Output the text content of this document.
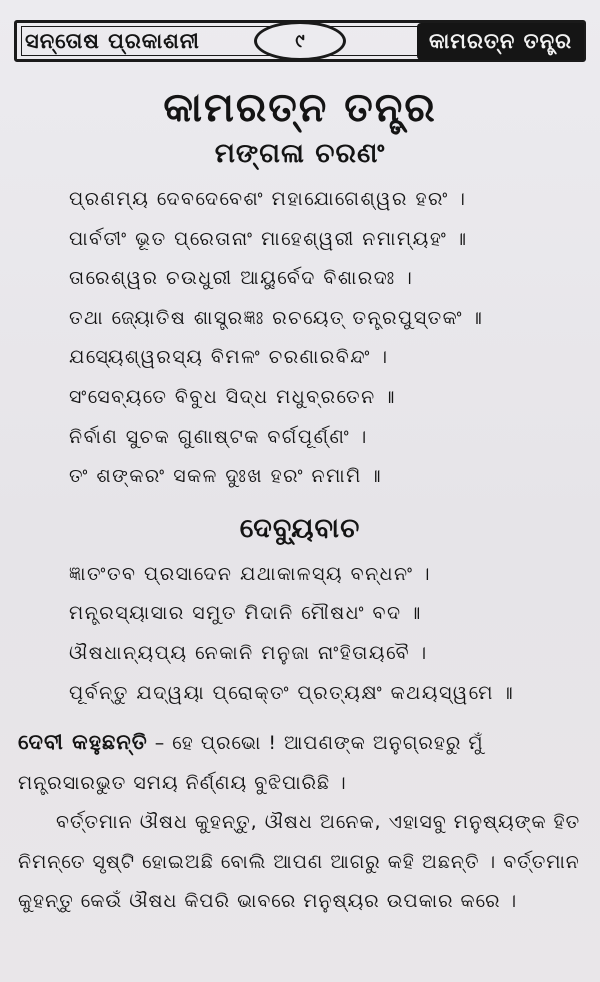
ସନ୍ତୋଷ ପ୍ରକାଶନୀ	୯	କାମରତ୍ନ ତନ୍ତ୍ର
କାମରତ୍ନ ତନ୍ତ୍ର
ମଙ୍ଗଳା ଚରଣଂ
ପ୍ରଣମ୍ୟ ଦେବଦେବେଶଂ ମହାଯୋଗେଶ୍ୱର ହରଂ ।
ପାର୍ବତୀଂ ଭୂତ ପ୍ରେତାନାଂ ମାହେଶ୍ୱରୀ ନମାମ୍ୟହଂ ॥
ତାରେଶ୍ୱର ଚଉଧୁରୀ ଆୟୁର୍ବେଦ ବିଶାରଦଃ ।
ତଥା ଜ୍ୟୋତିଷ ଶାସ୍ତ୍ରଜ୍ଞଃ ରଚୟେତ୍ ତନ୍ତ୍ରପୁସ୍ତକଂ ॥
ଯସ୍ୟେଶ୍ୱରସ୍ୟ ବିମଳଂ ଚରଣାରବିନ୍ଦଂ ।
ସଂସେବ୍ୟତେ ବିବୁଧ ସିଦ୍ଧ ମଧୁବ୍ରତେନ ॥
ନିର୍ବାଣ ସୁଚକ ଗୁଣାଷ୍ଟକ ବର୍ଗପୂର୍ଣ୍ଣଂ ।
ତଂ ଶଙ୍କରଂ ସକଳ ଦୁଃଖ ହରଂ ନମାମି ॥
ଦେବ୍ୟୁବାଚ
ଜ୍ଞାତଂତବ ପ୍ରସାଦେନ ଯଥାକାଳସ୍ୟ ବନ୍ଧନଂ ।
ମନ୍ତ୍ରସ୍ୟାସାର ସମୁତ ମିଦାନି ମୌଷଧଂ ବଦ ॥
ଔଷଧାନ୍ୟପ୍ୟ ନେକାନି ମନୁଜା ନାଂହିତାୟବୈ ।
ପୂର୍ବନ୍ତୁ ଯଦ୍ୱୟା ପ୍ରୋକ୍ତଂ ପ୍ରତ୍ୟକ୍ଷଂ କଥୟସ୍ୱମେ ॥

ଦେବୀ କହୁଛନ୍ତି – ହେ ପ୍ରଭୋ ! ଆପଣଙ୍କ ଅନୁଗ୍ରହରୁ ମୁଁ ମନ୍ତ୍ରସାରଭୁତ ସମୟ ନିର୍ଣ୍ଣୟ ବୁଝିପାରିଛି ।

ବର୍ତ୍ତମାନ ଔଷଧ କୁହନ୍ତୁ, ଔଷଧ ଅନେକ, ଏହାସବୁ ମନୁଷ୍ୟଙ୍କ ହିତ ନିମନ୍ତେ ସୃଷ୍ଟି ହୋଇଅଛି ବୋଲି ଆପଣ ଆଗରୁ କହି ଅଛନ୍ତି । ବର୍ତ୍ତମାନ କୁହନ୍ତୁ କେଉଁ ଔଷଧ କିପରି ଭାବରେ ମନୁଷ୍ୟର ଉପକାର କରେ ।
